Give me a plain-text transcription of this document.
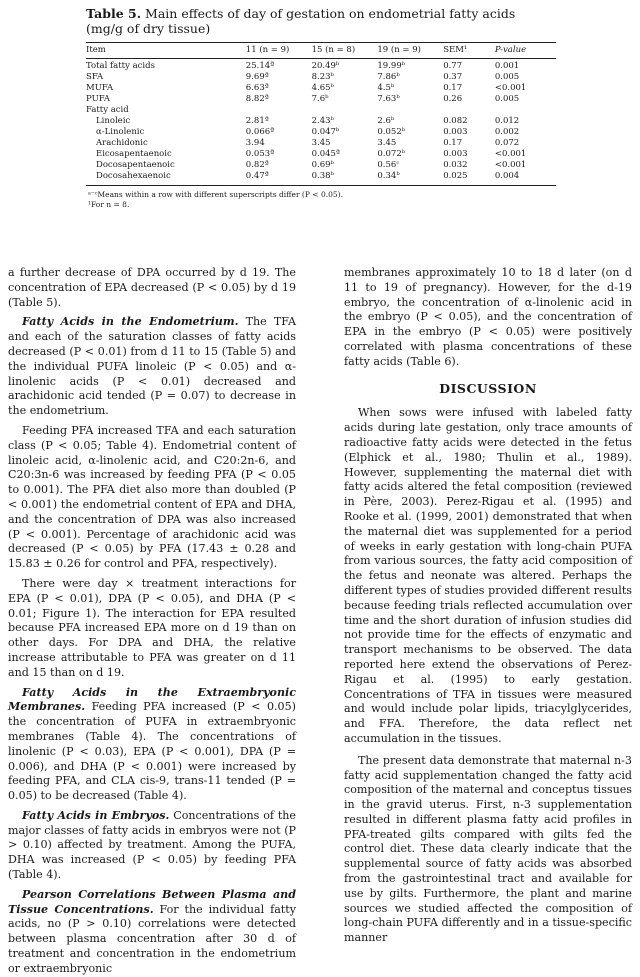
Table 5. Main effects of day of gestation on endometrial fatty acids (mg/g of dry tissue)

Item	11 (n = 9)	15 (n = 8)	19 (n = 9)	SEM¹	P-value
Total fatty acids	25.14ª	20.49ᵇ	19.99ᵇ	0.77	0.001
SFA	9.69ª	8.23ᵇ	7.86ᵇ	0.37	0.005
MUFA	6.63ª	4.65ᵇ	4.5ᵇ	0.17	<0.001
PUFA	8.82ª	7.6ᵇ	7.63ᵇ	0.26	0.005
Fatty acid					
Linoleic	2.81ª	2.43ᵇ	2.6ᵇ	0.082	0.012
α-Linolenic	0.066ª	0.047ᵇ	0.052ᵇ	0.003	0.002
Arachidonic	3.94	3.45	3.45	0.17	0.072
Eicosapentaenoic	0.053ª	0.045ª	0.072ᵇ	0.003	<0.001
Docosapentaenoic	0.82ª	0.69ᵇ	0.56ᶜ	0.032	<0.001
Docosahexaenoic	0.47ª	0.38ᵇ	0.34ᵇ	0.025	0.004
ᵃ⁻ᶜMeans within a row with different superscripts differ (P < 0.05).
¹For n = 8.

a further decrease of DPA occurred by d 19. The concentration of EPA decreased (P < 0.05) by d 19 (Table 5).

Fatty Acids in the Endometrium. The TFA and each of the saturation classes of fatty acids decreased (P < 0.01) from d 11 to 15 (Table 5) and the individual PUFA linoleic (P < 0.05) and α-linolenic acids (P < 0.01) decreased and arachidonic acid tended (P = 0.07) to decrease in the endometrium.

Feeding PFA increased TFA and each saturation class (P < 0.05; Table 4). Endometrial content of linoleic acid, α-linolenic acid, and C20:2n-6, and C20:3n-6 was increased by feeding PFA (P < 0.05 to 0.001). The PFA diet also more than doubled (P < 0.001) the endometrial content of EPA and DHA, and the concentration of DPA was also increased (P < 0.001). Percentage of arachidonic acid was decreased (P < 0.05) by PFA (17.43 ± 0.28 and 15.83 ± 0.26 for control and PFA, respectively).

There were day × treatment interactions for EPA (P < 0.01), DPA (P < 0.05), and DHA (P < 0.01; Figure 1). The interaction for EPA resulted because PFA increased EPA more on d 19 than on other days. For DPA and DHA, the relative increase attributable to PFA was greater on d 11 and 15 than on d 19.

Fatty Acids in the Extraembryonic Membranes. Feeding PFA increased (P < 0.05) the concentration of PUFA in extraembryonic membranes (Table 4). The concentrations of linolenic (P < 0.03), EPA (P < 0.001), DPA (P = 0.006), and DHA (P < 0.001) were increased by feeding PFA, and CLA cis-9, trans-11 tended (P = 0.05) to be decreased (Table 4).

Fatty Acids in Embryos. Concentrations of the major classes of fatty acids in embryos were not (P > 0.10) affected by treatment. Among the PUFA, DHA was increased (P < 0.05) by feeding PFA (Table 4).

Pearson Correlations Between Plasma and Tissue Concentrations. For the individual fatty acids, no (P > 0.10) correlations were detected between plasma concentration after 30 d of treatment and concentration in the endometrium or extraembryonic

membranes approximately 10 to 18 d later (on d 11 to 19 of pregnancy). However, for the d-19 embryo, the concentration of α-linolenic acid in the embryo (P < 0.05), and the concentration of EPA in the embryo (P < 0.05) were positively correlated with plasma concentrations of these fatty acids (Table 6).

DISCUSSION

When sows were infused with labeled fatty acids during late gestation, only trace amounts of radioactive fatty acids were detected in the fetus (Elphick et al., 1980; Thulin et al., 1989). However, supplementing the maternal diet with fatty acids altered the fetal composition (reviewed in Père, 2003). Perez-Rigau et al. (1995) and Rooke et al. (1999, 2001) demonstrated that when the maternal diet was supplemented for a period of weeks in early gestation with long-chain PUFA from various sources, the fatty acid composition of the fetus and neonate was altered. Perhaps the different types of studies provided different results because feeding trials reflected accumulation over time and the short duration of infusion studies did not provide time for the effects of enzymatic and transport mechanisms to be observed. The data reported here extend the observations of Perez-Rigau et al. (1995) to early gestation. Concentrations of TFA in tissues were measured and would include polar lipids, triacylglycerides, and FFA. Therefore, the data reflect net accumulation in the tissues.

The present data demonstrate that maternal n-3 fatty acid supplementation changed the fatty acid composition of the maternal and conceptus tissues in the gravid uterus. First, n-3 supplementation resulted in different plasma fatty acid profiles in PFA-treated gilts compared with gilts fed the control diet. These data clearly indicate that the supplemental source of fatty acids was absorbed from the gastrointestinal tract and available for use by gilts. Furthermore, the plant and marine sources we studied affected the composition of long-chain PUFA differently and in a tissue-specific manner
